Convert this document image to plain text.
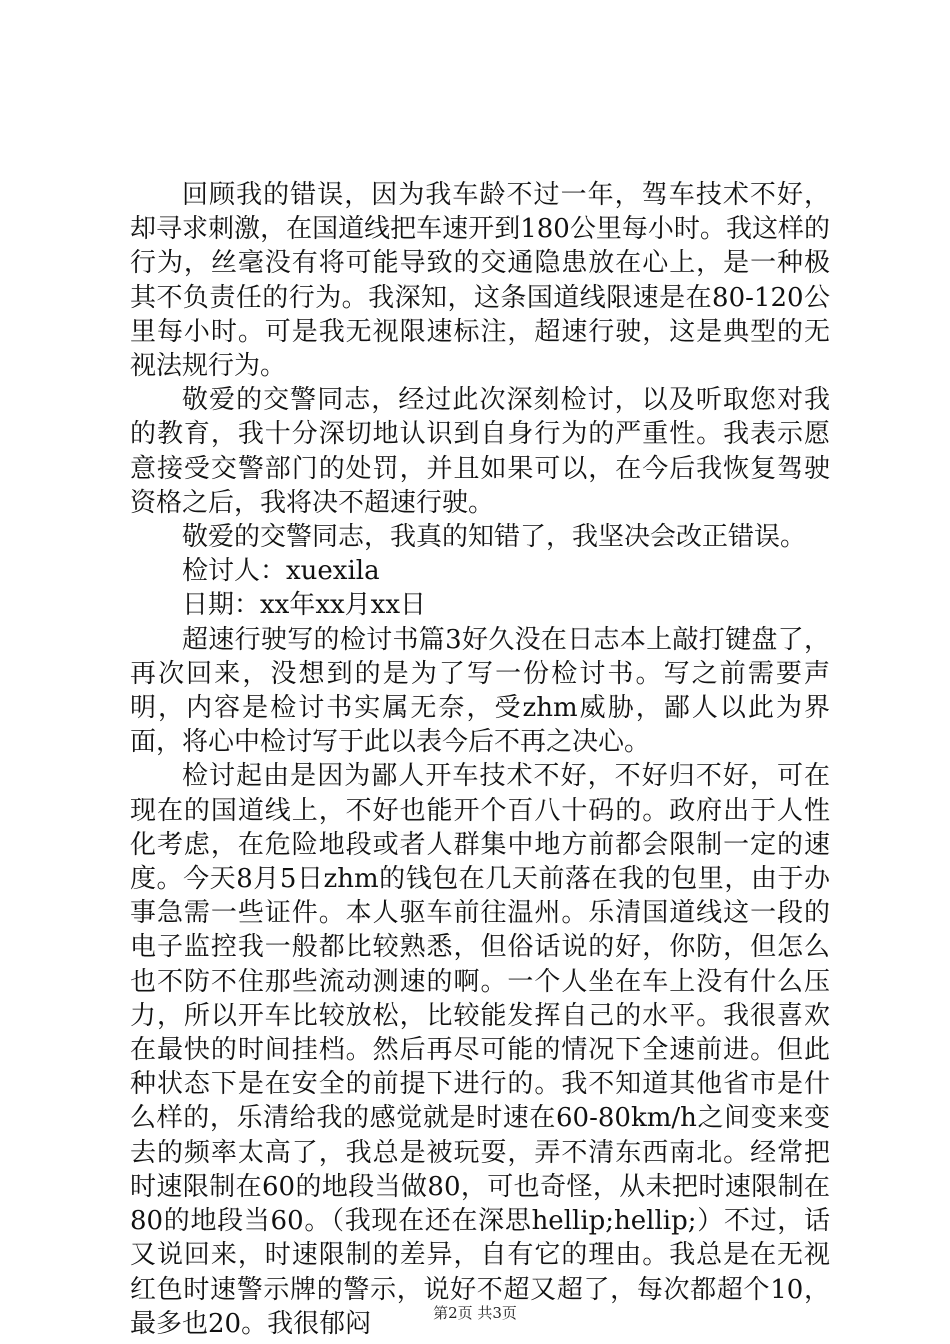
回顾我的错误，因为我车龄不过一年，驾车技术不好，却寻求刺激，在国道线把车速开到180公里每小时。我这样的行为，丝毫没有将可能导致的交通隐患放在心上，是一种极其不负责任的行为。我深知，这条国道线限速是在80-120公里每小时。可是我无视限速标注，超速行驶，这是典型的无视法规行为。

敬爱的交警同志，经过此次深刻检讨，以及听取您对我的教育，我十分深切地认识到自身行为的严重性。我表示愿意接受交警部门的处罚，并且如果可以，在今后我恢复驾驶资格之后，我将决不超速行驶。

敬爱的交警同志，我真的知错了，我坚决会改正错误。

检讨人：xuexila

日期：xx年xx月xx日

超速行驶写的检讨书篇3好久没在日志本上敲打键盘了，再次回来，没想到的是为了写一份检讨书。写之前需要声明，内容是检讨书实属无奈，受zhm威胁，鄙人以此为界面，将心中检讨写于此以表今后不再之决心。

检讨起由是因为鄙人开车技术不好，不好归不好，可在现在的国道线上，不好也能开个百八十码的。政府出于人性化考虑，在危险地段或者人群集中地方前都会限制一定的速度。今天8月5日zhm的钱包在几天前落在我的包里，由于办事急需一些证件。本人驱车前往温州。乐清国道线这一段的电子监控我一般都比较熟悉，但俗话说的好，你防，但怎么也不防不住那些流动测速的啊。一个人坐在车上没有什么压力，所以开车比较放松，比较能发挥自己的水平。我很喜欢在最快的时间挂档。然后再尽可能的情况下全速前进。但此种状态下是在安全的前提下进行的。我不知道其他省市是什么样的，乐清给我的感觉就是时速在60-80km/h之间变来变去的频率太高了，我总是被玩耍，弄不清东西南北。经常把时速限制在60的地段当做80，可也奇怪，从未把时速限制在80的地段当60。（我现在还在深思hellip;hellip;）不过，话又说回来，时速限制的差异，自有它的理由。我总是在无视红色时速警示牌的警示，说好不超又超了，每次都超个10，最多也20。我很郁闷	第2页 共3页
